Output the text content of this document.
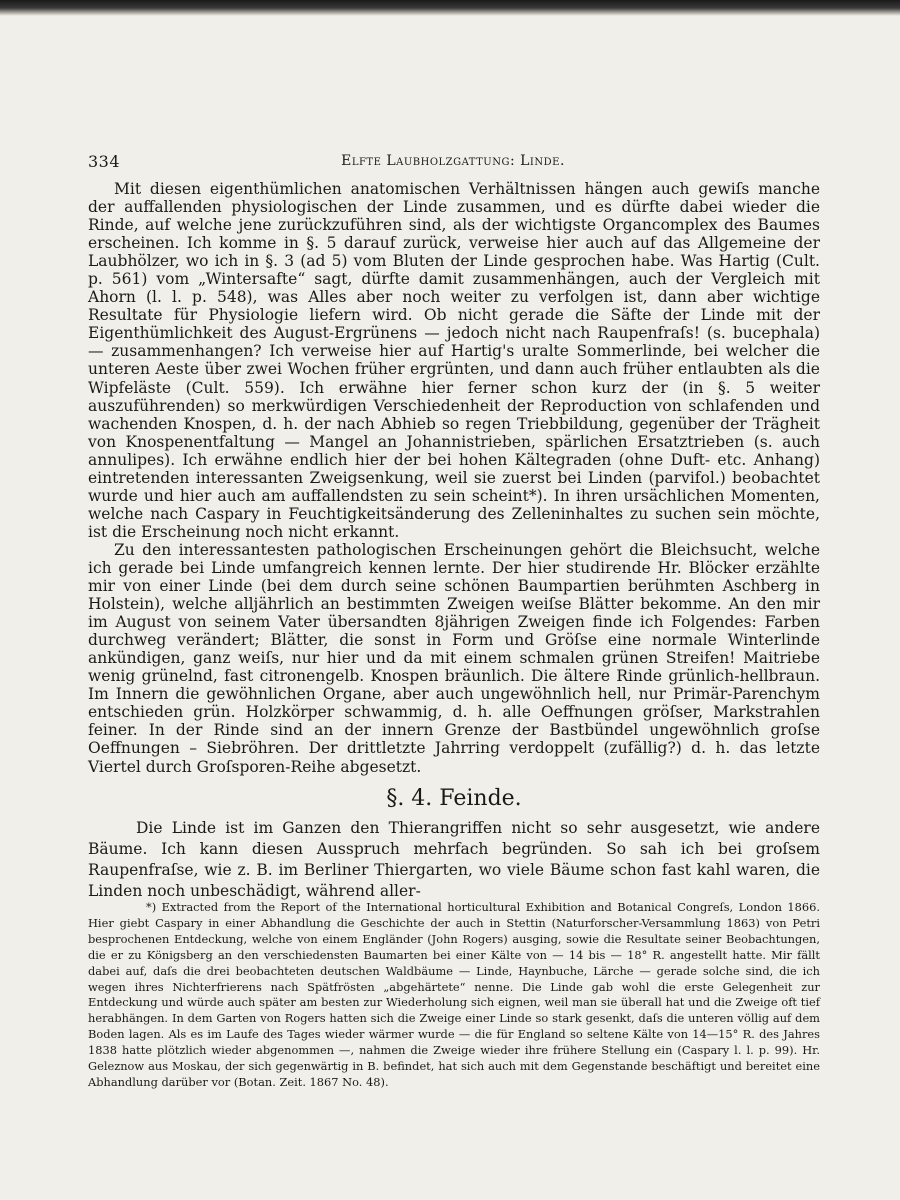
334	Elfte Laubholzgattung: Linde.

Mit diesen eigenthümlichen anatomischen Verhältnissen hängen auch gewiſs manche der auffallenden physiologischen der Linde zusammen, und es dürfte dabei wieder die Rinde, auf welche jene zurückzuführen sind, als der wichtigste Organcomplex des Baumes erscheinen. Ich komme in §. 5 darauf zurück, verweise hier auch auf das Allgemeine der Laubhölzer, wo ich in §. 3 (ad 5) vom Bluten der Linde gesprochen habe. Was Hartig (Cult. p. 561) vom „Wintersafte“ sagt, dürfte damit zusammenhängen, auch der Vergleich mit Ahorn (l. l. p. 548), was Alles aber noch weiter zu verfolgen ist, dann aber wichtige Resultate für Physiologie liefern wird. Ob nicht gerade die Säfte der Linde mit der Eigenthümlichkeit des August-Ergrünens — jedoch nicht nach Raupenfraſs! (s. bucephala) — zusammenhangen? Ich verweise hier auf Hartig's uralte Sommerlinde, bei welcher die unteren Aeste über zwei Wochen früher ergrünten, und dann auch früher entlaubten als die Wipfeläste (Cult. 559). Ich erwähne hier ferner schon kurz der (in §. 5 weiter auszuführenden) so merkwürdigen Verschiedenheit der Reproduction von schlafenden und wachenden Knospen, d. h. der nach Abhieb so regen Triebbildung, gegenüber der Trägheit von Knospenentfaltung — Mangel an Johannistrieben, spärlichen Ersatztrieben (s. auch annulipes). Ich erwähne endlich hier der bei hohen Kältegraden (ohne Duft- etc. Anhang) eintretenden interessanten Zweigsenkung, weil sie zuerst bei Linden (parvifol.) beobachtet wurde und hier auch am auffallendsten zu sein scheint*). In ihren ursächlichen Momenten, welche nach Caspary in Feuchtigkeitsänderung des Zelleninhaltes zu suchen sein möchte, ist die Erscheinung noch nicht erkannt.

Zu den interessantesten pathologischen Erscheinungen gehört die Bleichsucht, welche ich gerade bei Linde umfangreich kennen lernte. Der hier studirende Hr. Blöcker erzählte mir von einer Linde (bei dem durch seine schönen Baumpartien berühmten Aschberg in Holstein), welche alljährlich an bestimmten Zweigen weiſse Blätter bekomme. An den mir im August von seinem Vater übersandten 8jährigen Zweigen finde ich Folgendes: Farben durchweg verändert; Blätter, die sonst in Form und Gröſse eine normale Winterlinde ankündigen, ganz weiſs, nur hier und da mit einem schmalen grünen Streifen! Maitriebe wenig grünelnd, fast citronengelb. Knospen bräunlich. Die ältere Rinde grünlich-hellbraun. Im Innern die gewöhnlichen Organe, aber auch ungewöhnlich hell, nur Primär-Parenchym entschieden grün. Holzkörper schwammig, d. h. alle Oeffnungen gröſser, Markstrahlen feiner. In der Rinde sind an der innern Grenze der Bastbündel ungewöhnlich groſse Oeffnungen – Siebröhren. Der drittletzte Jahrring verdoppelt (zufällig?) d. h. das letzte Viertel durch Groſsporen-Reihe abgesetzt.

§. 4. Feinde.

Die Linde ist im Ganzen den Thierangriffen nicht so sehr ausgesetzt, wie andere Bäume. Ich kann diesen Ausspruch mehrfach begründen. So sah ich bei groſsem Raupenfraſse, wie z. B. im Berliner Thiergarten, wo viele Bäume schon fast kahl waren, die Linden noch unbeschädigt, während aller-

*) Extracted from the Report of the International horticultural Exhibition and Botanical Congreſs, London 1866. Hier giebt Caspary in einer Abhandlung die Geschichte der auch in Stettin (Naturforscher-Versammlung 1863) von Petri besprochenen Entdeckung, welche von einem Engländer (John Rogers) ausging, sowie die Resultate seiner Beobachtungen, die er zu Königsberg an den verschiedensten Baumarten bei einer Kälte von — 14 bis — 18° R. angestellt hatte. Mir fällt dabei auf, daſs die drei beobachteten deutschen Waldbäume — Linde, Haynbuche, Lärche — gerade solche sind, die ich wegen ihres Nichterfrierens nach Spätfrösten „abgehärtete“ nenne. Die Linde gab wohl die erste Gelegenheit zur Entdeckung und würde auch später am besten zur Wiederholung sich eignen, weil man sie überall hat und die Zweige oft tief herabhängen. In dem Garten von Rogers hatten sich die Zweige einer Linde so stark gesenkt, daſs die unteren völlig auf dem Boden lagen. Als es im Laufe des Tages wieder wärmer wurde — die für England so seltene Kälte von 14—15° R. des Jahres 1838 hatte plötzlich wieder abgenommen —, nahmen die Zweige wieder ihre frühere Stellung ein (Caspary l. l. p. 99). Hr. Geleznow aus Moskau, der sich gegenwärtig in B. befindet, hat sich auch mit dem Gegenstande beschäftigt und bereitet eine Abhandlung darüber vor (Botan. Zeit. 1867 No. 48).
